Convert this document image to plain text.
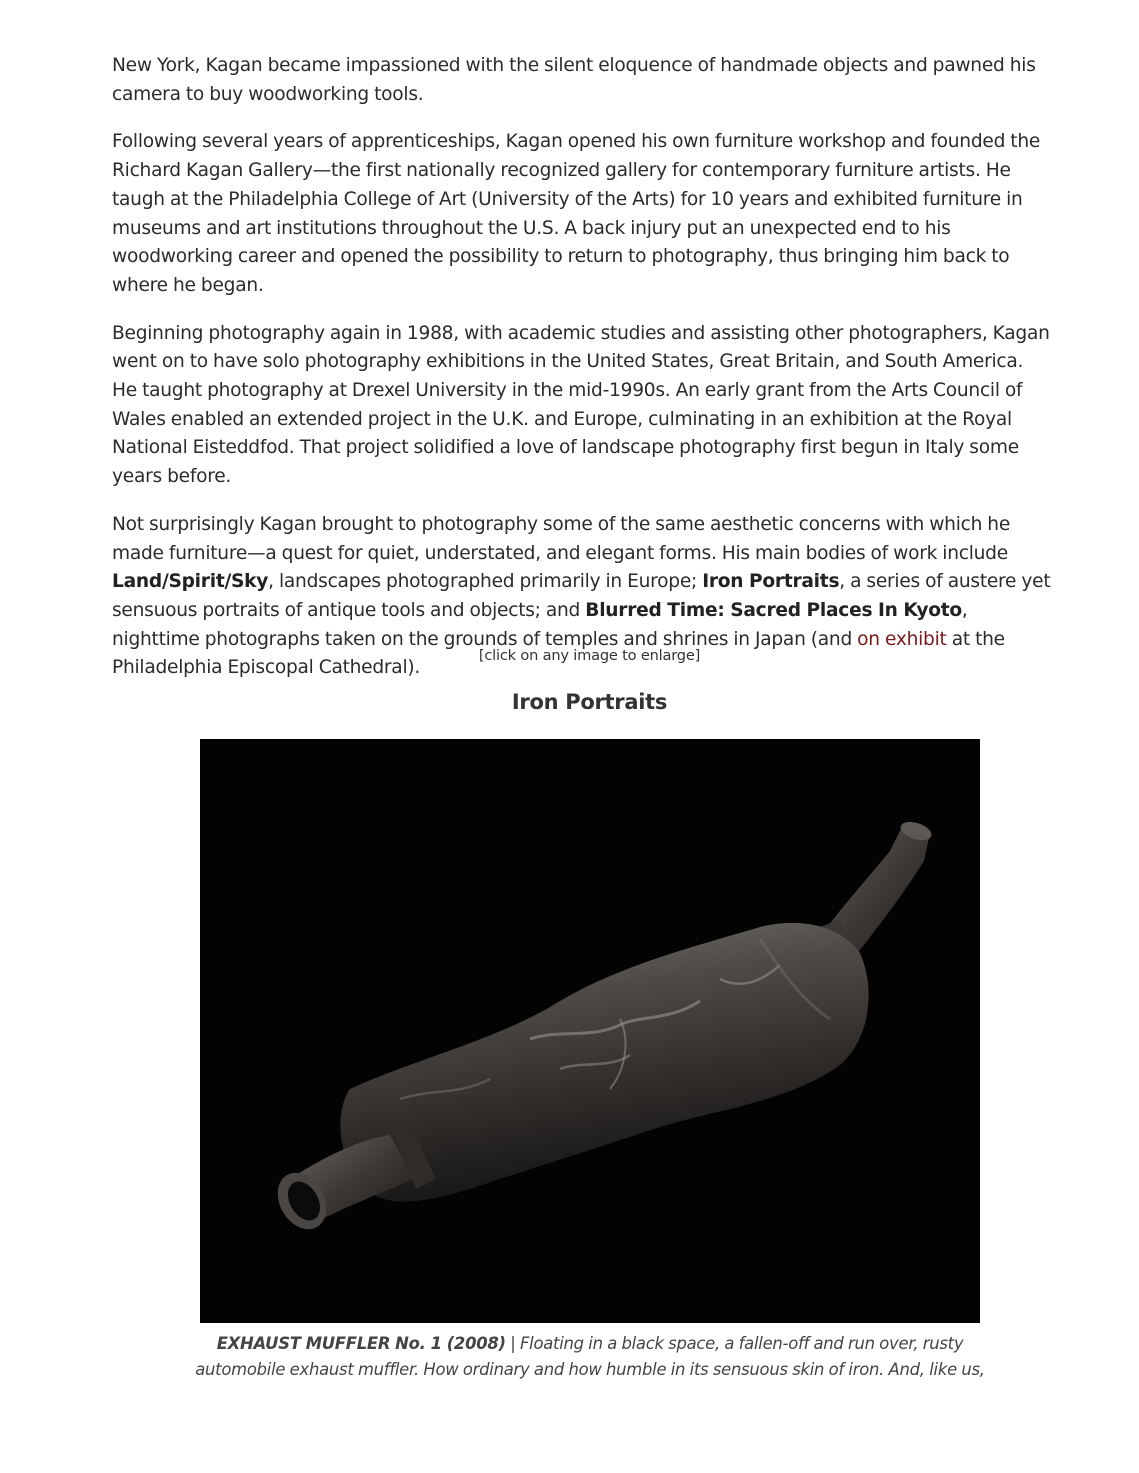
New York, Kagan became impassioned with the silent eloquence of handmade objects and pawned his camera to buy woodworking tools.

Following several years of apprenticeships, Kagan opened his own furniture workshop and founded the Richard Kagan Gallery—the first nationally recognized gallery for contemporary furniture artists. He taugh at the Philadelphia College of Art (University of the Arts) for 10 years and exhibited furniture in museums and art institutions throughout the U.S. A back injury put an unexpected end to his woodworking career and opened the possibility to return to photography, thus bringing him back to where he began.

Beginning photography again in 1988, with academic studies and assisting other photographers, Kagan went on to have solo photography exhibitions in the United States, Great Britain, and South America. He taught photography at Drexel University in the mid-1990s. An early grant from the Arts Council of Wales enabled an extended project in the U.K. and Europe, culminating in an exhibition at the Royal National Eisteddfod. That project solidified a love of landscape photography first begun in Italy some years before.

Not surprisingly Kagan brought to photography some of the same aesthetic concerns with which he made furniture—a quest for quiet, understated, and elegant forms. His main bodies of work include Land/Spirit/Sky, landscapes photographed primarily in Europe; Iron Portraits, a series of austere yet sensuous portraits of antique tools and objects; and Blurred Time: Sacred Places In Kyoto, nighttime photographs taken on the grounds of temples and shrines in Japan (and on exhibit at the Philadelphia Episcopal Cathedral).

[click on any image to enlarge]
Iron Portraits
EXHAUST MUFFLER No. 1 (2008) | Floating in a black space, a fallen-off and run over, rusty automobile exhaust muffler. How ordinary and how humble in its sensuous skin of iron. And, like us,
